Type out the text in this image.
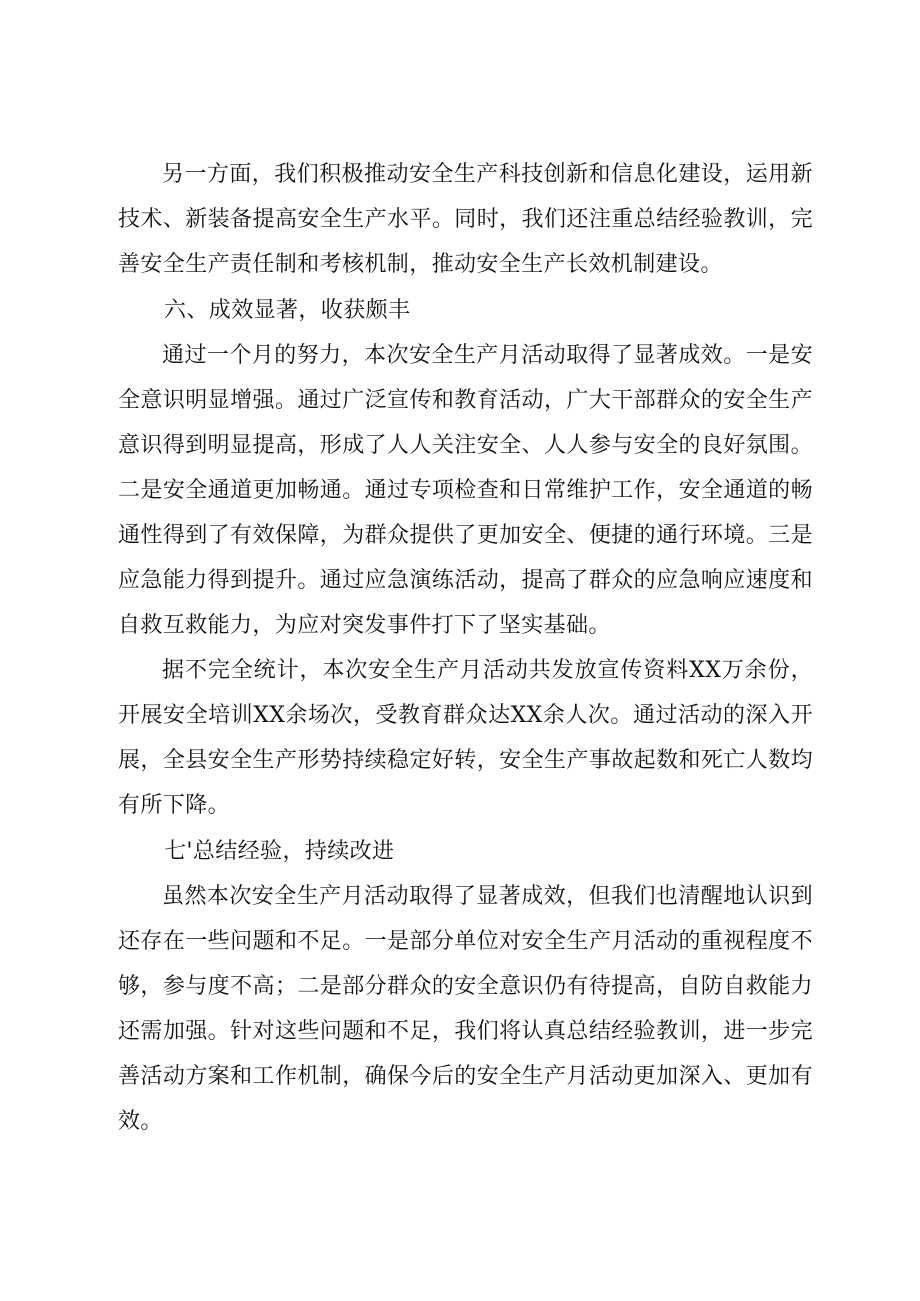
另一方面，我们积极推动安全生产科技创新和信息化建设，运用新技术、新装备提高安全生产水平。同时，我们还注重总结经验教训，完善安全生产责任制和考核机制，推动安全生产长效机制建设。

六、成效显著，收获颇丰

通过一个月的努力，本次安全生产月活动取得了显著成效。一是安全意识明显增强。通过广泛宣传和教育活动，广大干部群众的安全生产意识得到明显提高，形成了人人关注安全、人人参与安全的良好氛围。二是安全通道更加畅通。通过专项检查和日常维护工作，安全通道的畅通性得到了有效保障，为群众提供了更加安全、便捷的通行环境。三是应急能力得到提升。通过应急演练活动，提高了群众的应急响应速度和自救互救能力，为应对突发事件打下了坚实基础。

据不完全统计，本次安全生产月活动共发放宣传资料XX万余份，开展安全培训XX余场次，受教育群众达XX余人次。通过活动的深入开展，全县安全生产形势持续稳定好转，安全生产事故起数和死亡人数均有所下降。

七'总结经验，持续改进

虽然本次安全生产月活动取得了显著成效，但我们也清醒地认识到还存在一些问题和不足。一是部分单位对安全生产月活动的重视程度不够，参与度不高；二是部分群众的安全意识仍有待提高，自防自救能力还需加强。针对这些问题和不足，我们将认真总结经验教训，进一步完善活动方案和工作机制，确保今后的安全生产月活动更加深入、更加有效。
